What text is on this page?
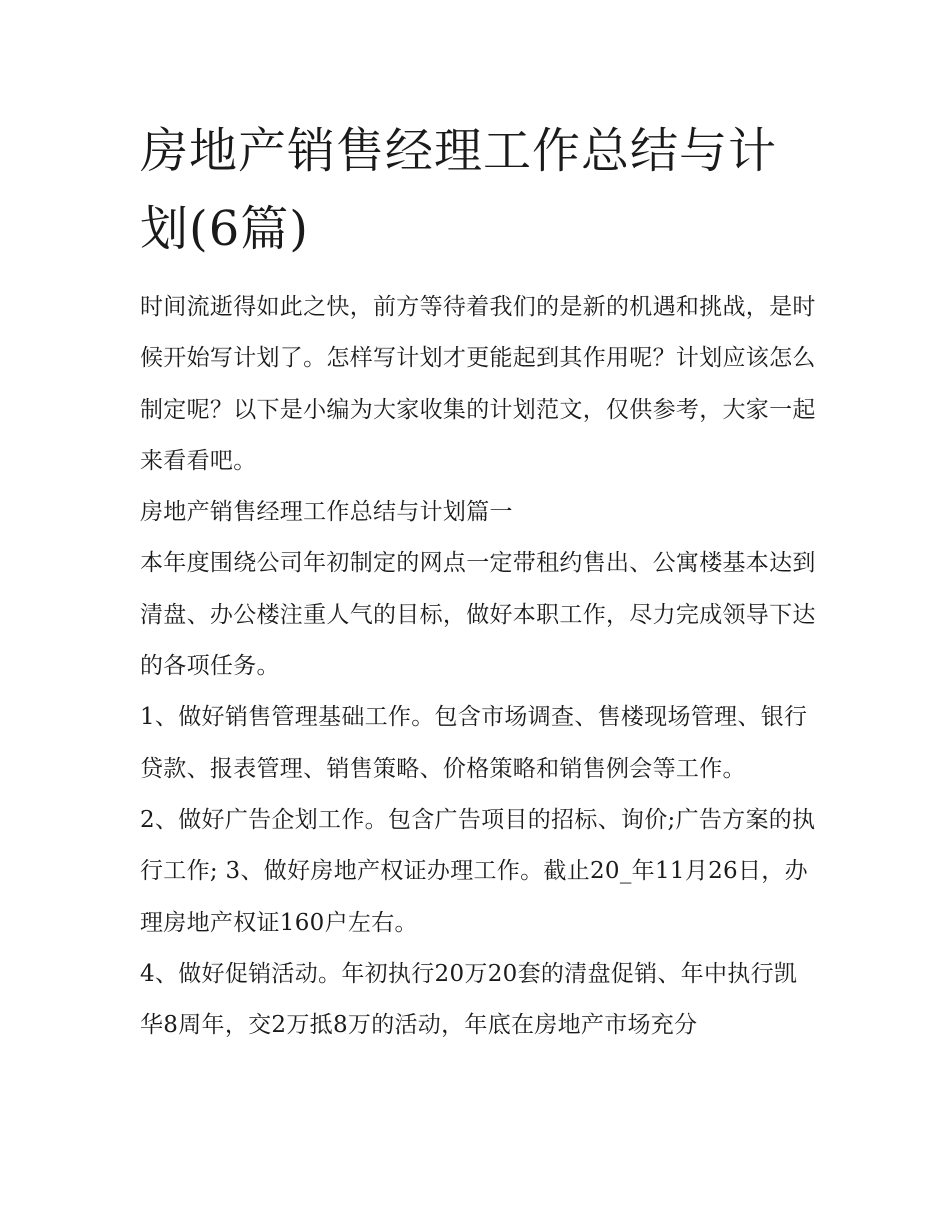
房地产销售经理工作总结与计划(6篇)

时间流逝得如此之快，前方等待着我们的是新的机遇和挑战，是时候开始写计划了。怎样写计划才更能起到其作用呢？计划应该怎么制定呢？以下是小编为大家收集的计划范文，仅供参考，大家一起来看看吧。

房地产销售经理工作总结与计划篇一

本年度围绕公司年初制定的网点一定带租约售出、公寓楼基本达到清盘、办公楼注重人气的目标，做好本职工作，尽力完成领导下达的各项任务。

1、做好销售管理基础工作。包含市场调查、售楼现场管理、银行贷款、报表管理、销售策略、价格策略和销售例会等工作。

2、做好广告企划工作。包含广告项目的招标、询价;广告方案的执行工作; 3、做好房地产权证办理工作。截止20_年11月26日，办理房地产权证160户左右。

4、做好促销活动。年初执行20万20套的清盘促销、年中执行凯华8周年，交2万抵8万的活动，年底在房地产市场充分
